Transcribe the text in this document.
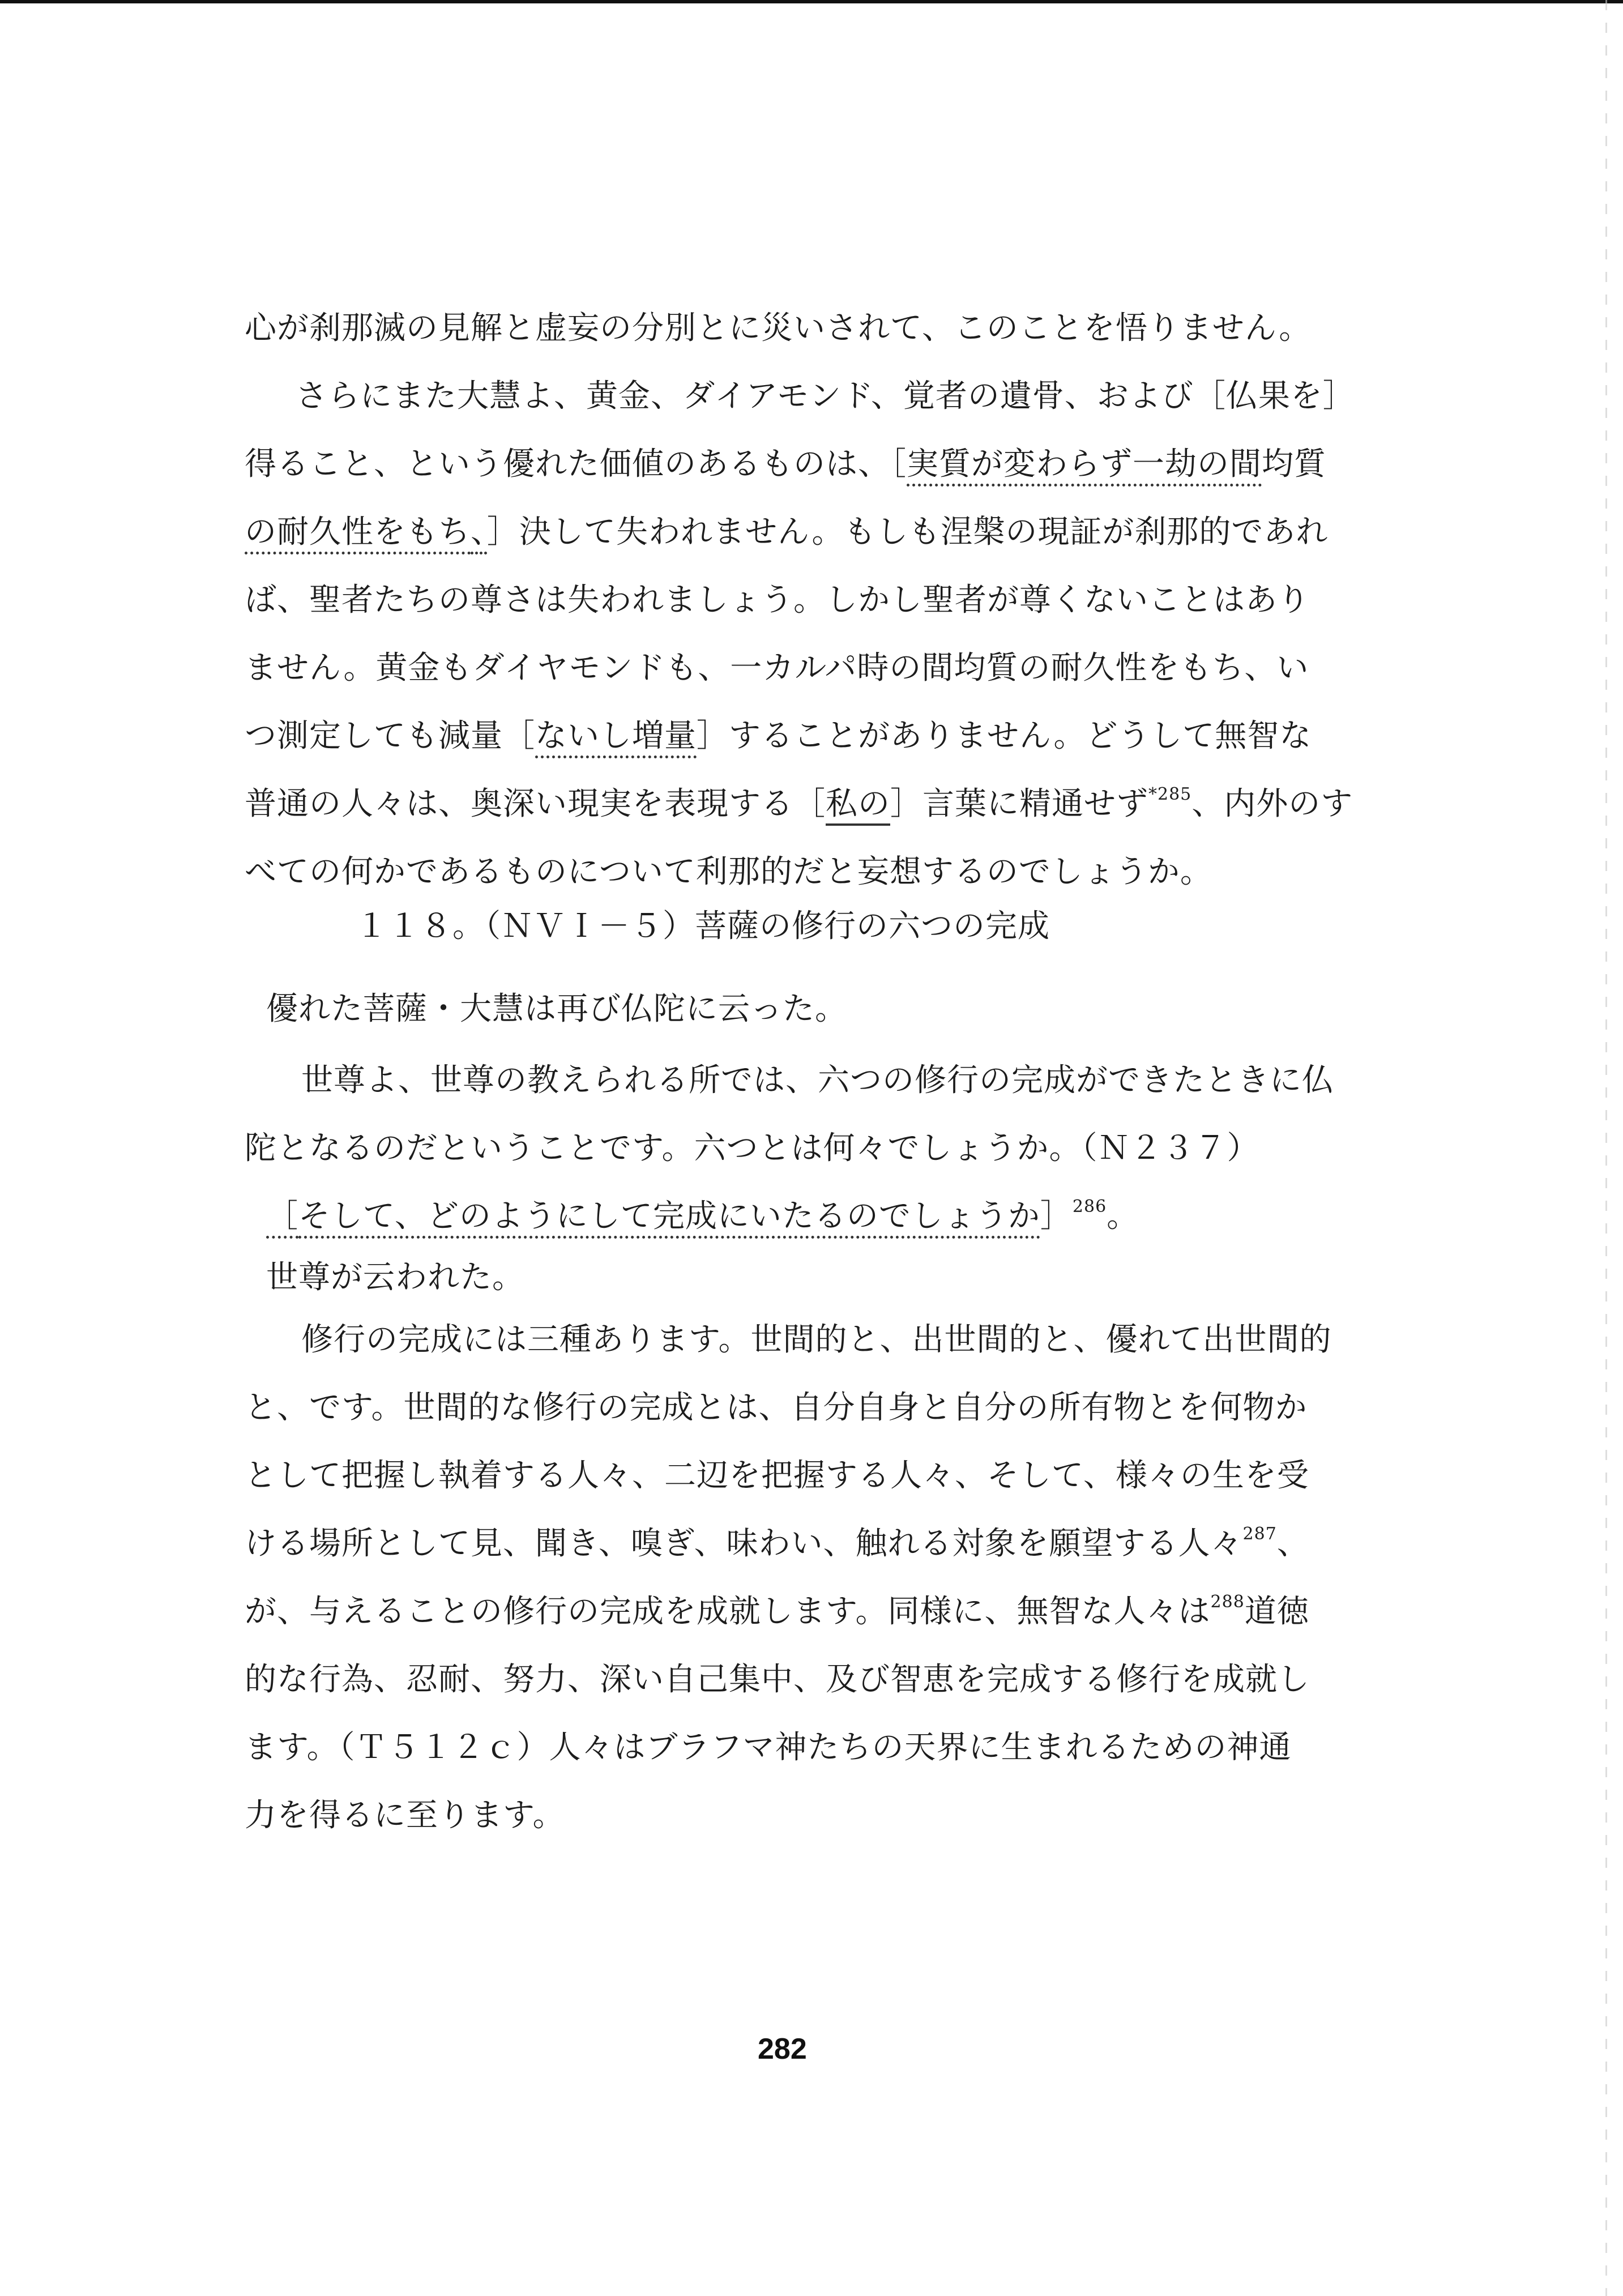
心が刹那滅の見解と虚妄の分別とに災いされて、このことを悟りません。
さらにまた大慧よ、黄金、ダイアモンド、覚者の遺骨、および［仏果を］
得ること、という優れた価値のあるものは、［実質が変わらず一劫の間均質
の耐久性をもち、］決して失われません。もしも涅槃の現証が刹那的であれ
ば、聖者たちの尊さは失われましょう。しかし聖者が尊くないことはあり
ません。黄金もダイヤモンドも、一カルパ時の間均質の耐久性をもち、い
つ測定しても減量［ないし増量］することがありません。どうして無智な
普通の人々は、奥深い現実を表現する［私の］言葉に精通せず$^{*285}$、内外のす
べての何かであるものについて利那的だと妄想するのでしょうか。
１１８。（ＮＶＩ－５）菩薩の修行の六つの完成
優れた菩薩・大慧は再び仏陀に云った。
世尊よ、世尊の教えられる所では、六つの修行の完成ができたときに仏
陀となるのだということです。六つとは何々でしょうか。（Ｎ２３７）
［そして、どのようにして完成にいたるのでしょうか］$^{286}$。
世尊が云われた。
修行の完成には三種あります。世間的と、出世間的と、優れて出世間的
と、です。世間的な修行の完成とは、自分自身と自分の所有物とを何物か
として把握し執着する人々、二辺を把握する人々、そして、様々の生を受
ける場所として見、聞き、嗅ぎ、味わい、触れる対象を願望する人々$^{287}$、
が、与えることの修行の完成を成就します。同様に、無智な人々は$^{288}$道徳
的な行為、忍耐、努力、深い自己集中、及び智恵を完成する修行を成就し
ます。（Ｔ５１２ｃ）人々はブラフマ神たちの天界に生まれるための神通
力を得るに至ります。
282
